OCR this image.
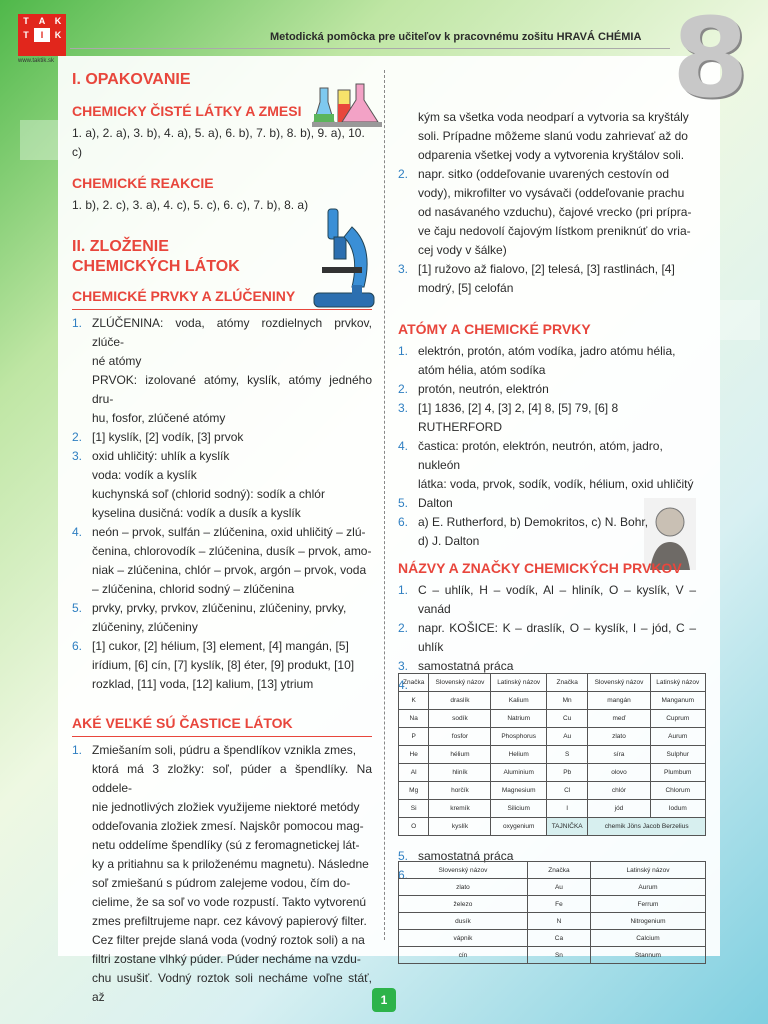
T	A	K
T	I	K
www.taktik.sk
Metodická pomôcka pre učiteľov k pracovnému zošitu HRAVÁ CHÉMIA 8
I. OPAKOVANIE
CHEMICKY ČISTÉ LÁTKY A ZMESI

1. a), 2. a), 3. b), 4. a), 5. a), 6. b), 7. b), 8. b), 9. a), 10. c)

CHEMICKÉ REAKCIE

1. b), 2. c), 3. a), 4. c), 5. c), 6. c), 7. b), 8. a)

II. ZLOŽENIE
CHEMICKÝCH LÁTOK
CHEMICKÉ PRVKY A ZLÚČENINY
1. ZLÚČENINA: voda, atómy rozdielnych prvkov, zlúče-
né atómy
PRVOK: izolované atómy, kyslík, atómy jedného dru-
hu, fosfor, zlúčené atómy
2. [1] kyslík, [2] vodík, [3] prvok
3. oxid uhličitý: uhlík a kyslík
voda: vodík a kyslík
kuchynská soľ (chlorid sodný): sodík a chlór
kyselina dusičná: vodík a dusík a kyslík
4. neón – prvok, sulfán – zlúčenina, oxid uhličitý – zlú-
čenina, chlorovodík – zlúčenina, dusík – prvok, amo-
niak – zlúčenina, chlór – prvok, argón – prvok, voda
– zlúčenina, chlorid sodný – zlúčenina
5. prvky, prvky, prvkov, zlúčeninu, zlúčeniny, prvky,
zlúčeniny, zlúčeniny
6. [1] cukor, [2] hélium, [3] element, [4] mangán, [5]
irídium, [6] cín, [7] kyslík, [8] éter, [9] produkt, [10]
rozklad, [11] voda, [12] kalium, [13] ytrium
AKÉ VEĽKÉ SÚ ČASTICE LÁTOK
1. Zmiešaním soli, púdru a špendlíkov vznikla zmes,
ktorá má 3 zložky: soľ, púder a špendlíky. Na oddele-
nie jednotlivých zložiek využijeme niektoré metódy
oddeľovania zložiek zmesí. Najskôr pomocou mag-
netu oddelíme špendlíky (sú z feromagnetickej lát-
ky a pritiahnu sa k priloženému magnetu). Následne
soľ zmiešanú s púdrom zalejeme vodou, čím do-
cielime, že sa soľ vo vode rozpustí. Takto vytvorenú
zmes prefiltrujeme napr. cez kávový papierový filter.
Cez filter prejde slaná voda (vodný roztok soli) a na
filtri zostane vlhký púder. Púder necháme na vzdu-
chu usušiť. Vodný roztok soli necháme voľne stáť, až
kým sa všetka voda neodparí a vytvoria sa kryštály
soli. Prípadne môžeme slanú vodu zahrievať až do
odparenia všetkej vody a vytvorenia kryštálov soli.
2. napr. sitko (oddeľovanie uvarených cestovín od
vody), mikrofilter vo vysávači (oddeľovanie prachu
od nasávaného vzduchu), čajové vrecko (pri prípra-
ve čaju nedovolí čajovým lístkom preniknúť do vria-
cej vody v šálke)
3. [1] ružovo až fialovo, [2] telesá, [3] rastlinách, [4]
modrý, [5] celofán
ATÓMY A CHEMICKÉ PRVKY
1. elektrón, protón, atóm vodíka, jadro atómu hélia,
atóm hélia, atóm sodíka
2. protón, neutrón, elektrón
3. [1] 1836, [2] 4, [3] 2, [4] 8, [5] 79, [6] 8
RUTHERFORD
4. častica: protón, elektrón, neutrón, atóm, jadro,
nukleón
látka: voda, prvok, sodík, vodík, hélium, oxid uhličitý
5. Dalton
6. a) E. Rutherford, b) Demokritos, c) N. Bohr,
d) J. Dalton
NÁZVY A ZNAČKY CHEMICKÝCH PRVKOV
1. C – uhlík, H – vodík, Al – hliník, O – kyslík, V – vanád
2. napr. KOŠICE: K – draslík, O – kyslík, I – jód, C – uhlík
3. samostatná práca
4.

5. samostatná práca
6.

Značka	Slovenský názov	Latinský názov	Značka	Slovenský názov	Latinský názov
K	draslík	Kalium	Mn	mangán	Manganum
Na	sodík	Natrium	Cu	meď	Cuprum
P	fosfor	Phosphorus	Au	zlato	Aurum
He	hélium	Helium	S	síra	Sulphur
Al	hliník	Aluminium	Pb	olovo	Plumbum
Mg	horčík	Magnesium	Cl	chlór	Chlorum
Si	kremík	Silicium	I	jód	Iodum
O	kyslík	oxygenium	TAJNIČKA	chemik Jöns Jacob Berzelius	
Slovenský názov	Značka	Latinský názov
zlato	Au	Aurum
železo	Fe	Ferrum
dusík	N	Nitrogenium
vápnik	Ca	Calcium
cín	Sn	Stannum
1
